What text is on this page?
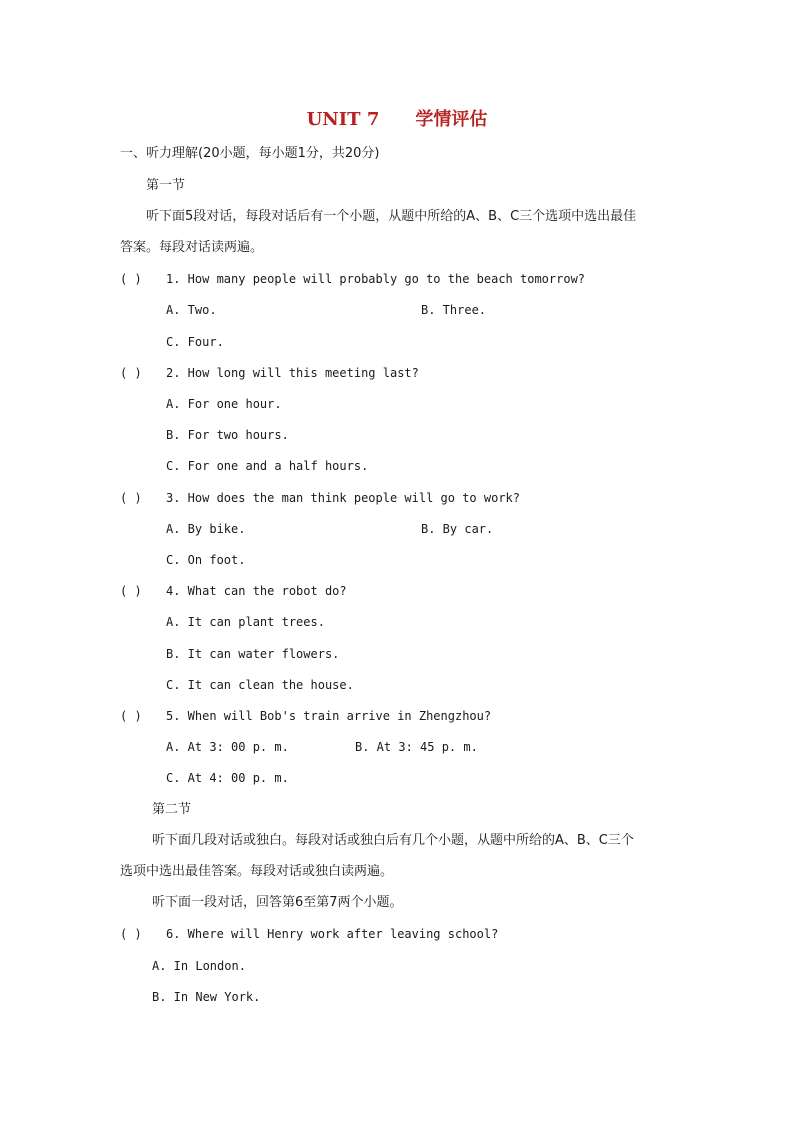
UNIT 7 学情评估
一、听力理解(20小题，每小题1分，共20分)
第一节
听下面5段对话，每段对话后有一个小题，从题中所给的A、B、C三个选项中选出最佳
答案。每段对话读两遍。
( ) 1. How many people will probably go to the beach tomorrow?
A. Two.	B. Three.
C. Four.
( ) 2. How long will this meeting last?
A. For one hour.
B. For two hours.
C. For one and a half hours.
( ) 3. How does the man think people will go to work?
A. By bike.	B. By car.
C. On foot.
( ) 4. What can the robot do?
A. It can plant trees.
B. It can water flowers.
C. It can clean the house.
( ) 5. When will Bob's train arrive in Zhengzhou?
A. At 3: 00 p. m.	B. At 3: 45 p. m.
C. At 4: 00 p. m.
第二节
听下面几段对话或独白。每段对话或独白后有几个小题，从题中所给的A、B、C三个
选项中选出最佳答案。每段对话或独白读两遍。
听下面一段对话，回答第6至第7两个小题。
( ) 6. Where will Henry work after leaving school?
A. In London.
B. In New York.
